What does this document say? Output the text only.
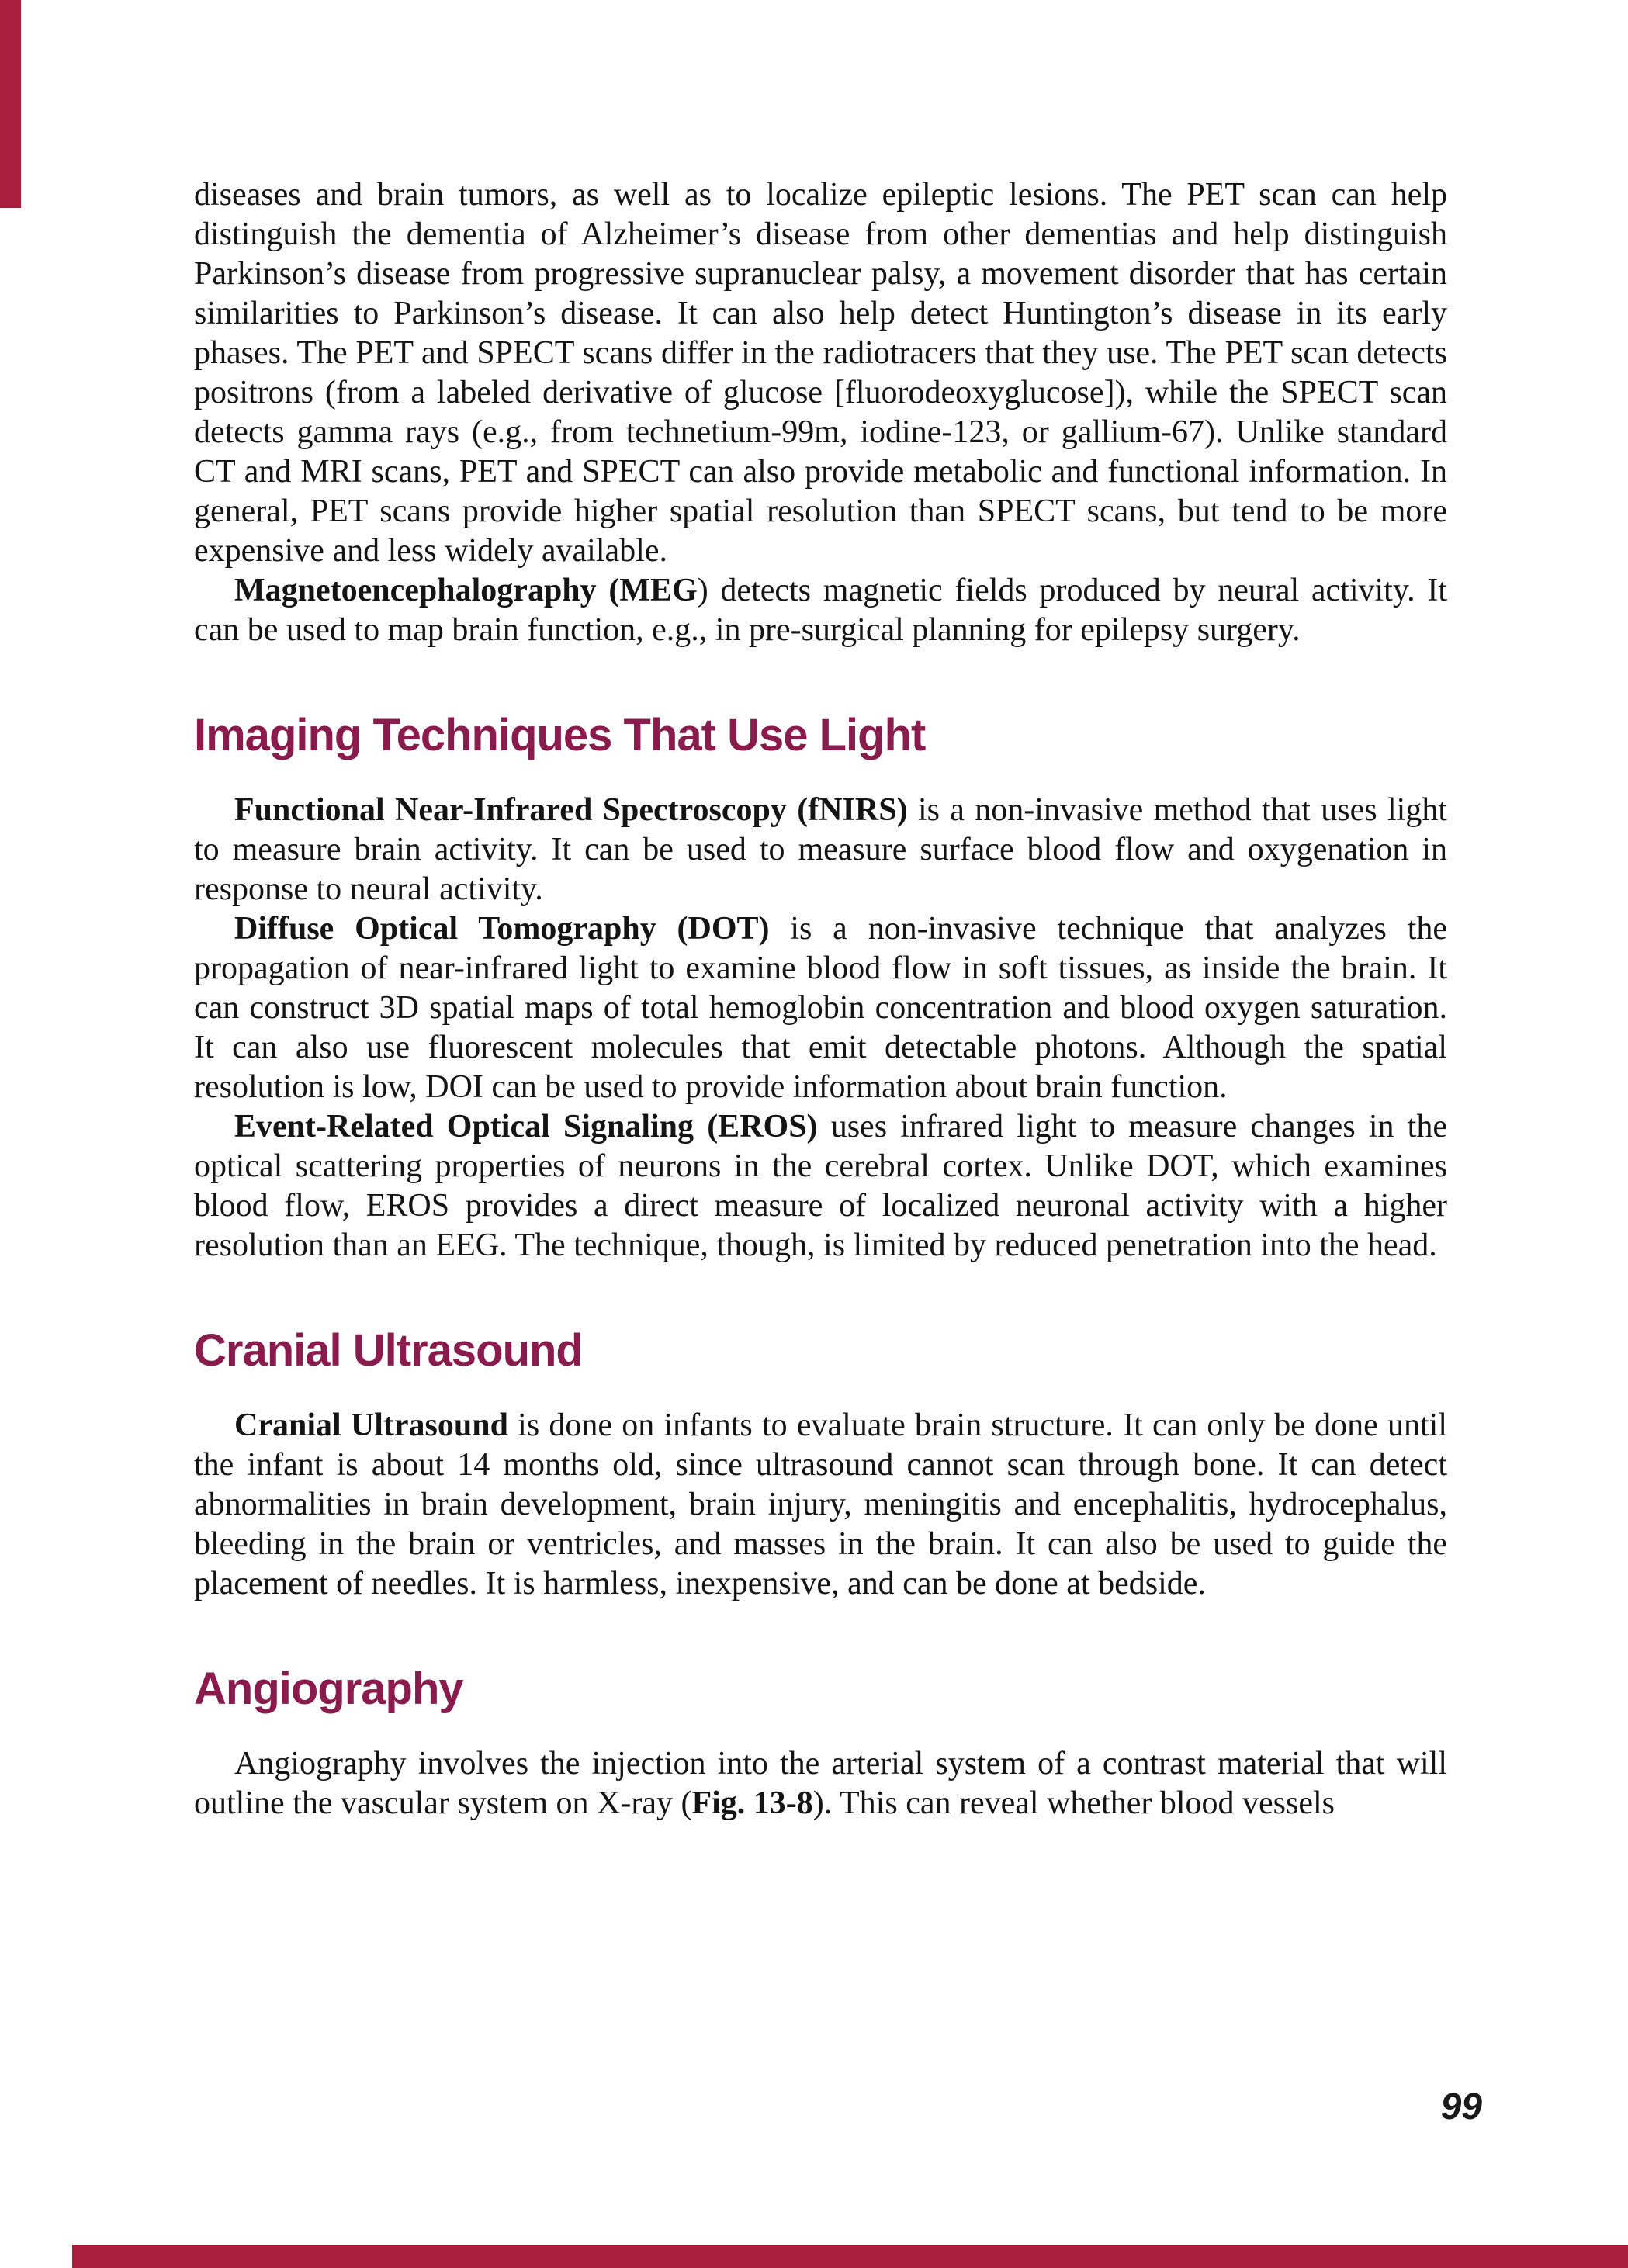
diseases and brain tumors, as well as to localize epileptic lesions. The PET scan can help distinguish the dementia of Alzheimer’s disease from other dementias and help distinguish Parkinson’s disease from progressive supranuclear palsy, a movement disorder that has certain similarities to Parkinson’s disease. It can also help detect Huntington’s disease in its early phases. The PET and SPECT scans differ in the radiotracers that they use. The PET scan detects positrons (from a labeled derivative of glucose [fluorodeoxyglucose]), while the SPECT scan detects gamma rays (e.g., from technetium-99m, iodine-123, or gallium-67). Unlike standard CT and MRI scans, PET and SPECT can also provide metabolic and functional information. In general, PET scans provide higher spatial resolution than SPECT scans, but tend to be more expensive and less widely available.

Magnetoencephalography (MEG) detects magnetic fields produced by neural activity. It can be used to map brain function, e.g., in pre-surgical planning for epilepsy surgery.

Imaging Techniques That Use Light

Functional Near-Infrared Spectroscopy (fNIRS) is a non-invasive method that uses light to measure brain activity. It can be used to measure surface blood flow and oxygenation in response to neural activity.

Diffuse Optical Tomography (DOT) is a non-invasive technique that analyzes the propagation of near-infrared light to examine blood flow in soft tissues, as inside the brain. It can construct 3D spatial maps of total hemoglobin concentration and blood oxygen saturation. It can also use fluorescent molecules that emit detectable photons. Although the spatial resolution is low, DOI can be used to provide information about brain function.

Event-Related Optical Signaling (EROS) uses infrared light to measure changes in the optical scattering properties of neurons in the cerebral cortex. Unlike DOT, which examines blood flow, EROS provides a direct measure of localized neuronal activity with a higher resolution than an EEG. The technique, though, is limited by reduced penetration into the head.

Cranial Ultrasound

Cranial Ultrasound is done on infants to evaluate brain structure. It can only be done until the infant is about 14 months old, since ultrasound cannot scan through bone. It can detect abnormalities in brain development, brain injury, meningitis and encephalitis, hydrocephalus, bleeding in the brain or ventricles, and masses in the brain. It can also be used to guide the placement of needles. It is harmless, inexpensive, and can be done at bedside.

Angiography

Angiography involves the injection into the arterial system of a contrast material that will outline the vascular system on X-ray (Fig. 13-8). This can reveal whether blood vessels

99
